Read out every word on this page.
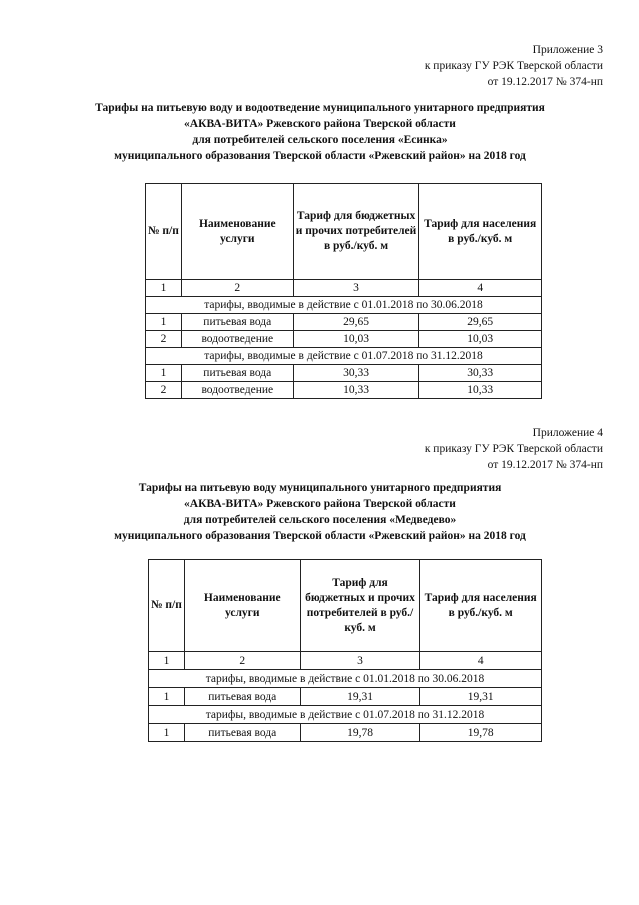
Приложение 3
к приказу ГУ РЭК Тверской области
от 19.12.2017 № 374-нп
Тарифы на питьевую воду и водоотведение муниципального унитарного предприятия
«АКВА-ВИТА» Ржевского района Тверской области
для потребителей сельского поселения «Есинка»
муниципального образования Тверской области «Ржевский район» на 2018 год
№ п/п	Наименование услуги	Тариф для бюджетных и прочих потребителей в руб./куб. м	Тариф для населения в руб./куб. м
1	2	3	4
тарифы, вводимые в действие с 01.01.2018 по 30.06.2018			
1	питьевая вода	29,65	29,65
2	водоотведение	10,03	10,03
тарифы, вводимые в действие с 01.07.2018 по 31.12.2018			
1	питьевая вода	30,33	30,33
2	водоотведение	10,33	10,33
Приложение 4
к приказу ГУ РЭК Тверской области
от 19.12.2017 № 374-нп
Тарифы на питьевую воду муниципального унитарного предприятия
«АКВА-ВИТА» Ржевского района Тверской области
для потребителей сельского поселения «Медведево»
муниципального образования Тверской области «Ржевский район» на 2018 год
№ п/п	Наименование услуги	Тариф для бюджетных и прочих потребителей в руб./куб. м	Тариф для населения в руб./куб. м
1	2	3	4
тарифы, вводимые в действие с 01.01.2018 по 30.06.2018			
1	питьевая вода	19,31	19,31
тарифы, вводимые в действие с 01.07.2018 по 31.12.2018			
1	питьевая вода	19,78	19,78
